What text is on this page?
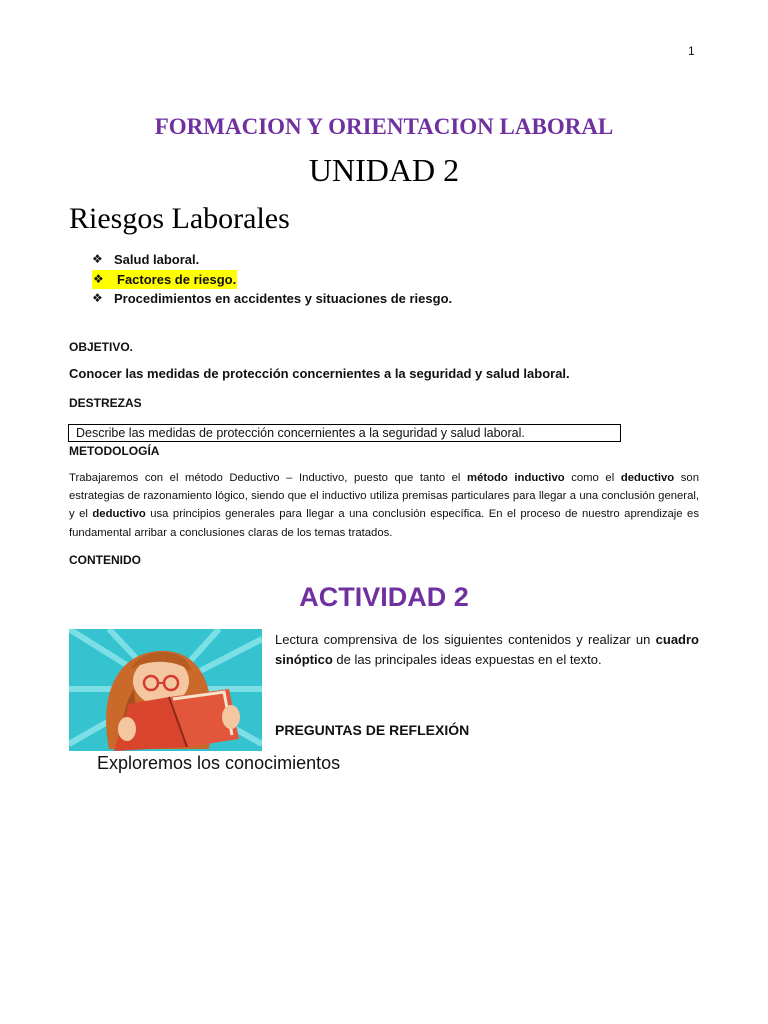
1
FORMACION Y ORIENTACION LABORAL
UNIDAD 2
Riesgos Laborales
❖ Salud laboral.
❖	Factores de riesgo.
❖ Procedimientos en accidentes y situaciones de riesgo.
OBJETIVO.
Conocer las medidas de protección concernientes a la seguridad y salud laboral.
DESTREZAS
Describe las medidas de protección concernientes a la seguridad y salud laboral.
METODOLOGÍA

Trabajaremos con el método Deductivo – Inductivo, puesto que tanto el método inductivo como el deductivo son estrategias de razonamiento lógico, siendo que el inductivo utiliza premisas particulares para llegar a una conclusión general, y el deductivo usa principios generales para llegar a una conclusión específica. En el proceso de nuestro aprendizaje es fundamental arribar a conclusiones claras de los temas tratados.

CONTENIDO
ACTIVIDAD 2

Lectura comprensiva de los siguientes contenidos y realizar un cuadro sinóptico de las principales ideas expuestas en el texto.

PREGUNTAS DE REFLEXIÓN
Exploremos los conocimientos
